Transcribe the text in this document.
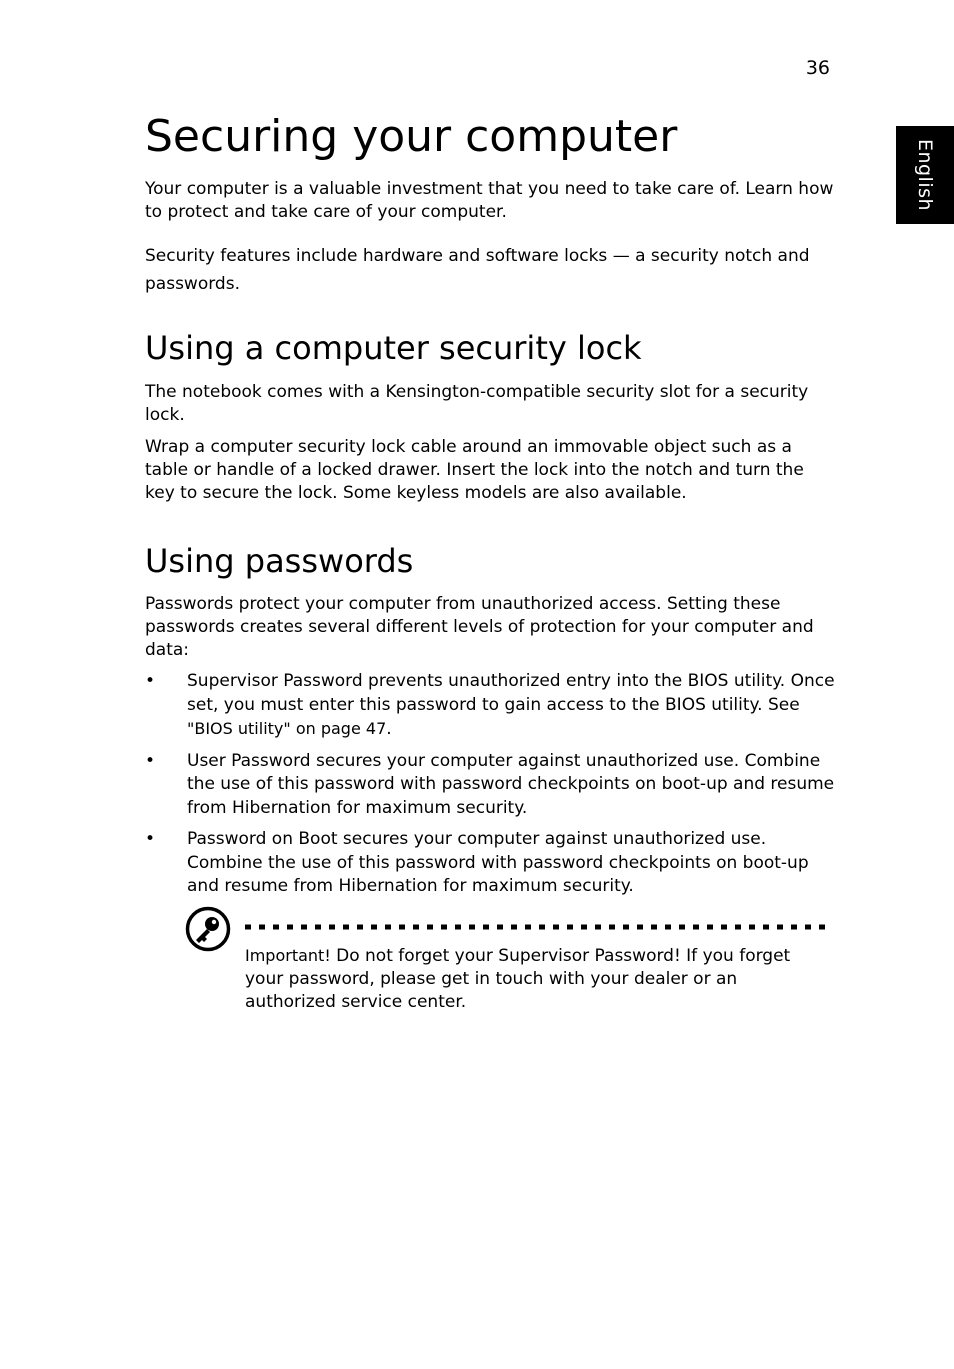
36
English
Securing your computer

Your computer is a valuable investment that you need to take care of. Learn how to protect and take care of your computer.

Security features include hardware and software locks — a security notch and passwords.

Using a computer security lock

The notebook comes with a Kensington-compatible security slot for a security lock.

Wrap a computer security lock cable around an immovable object such as a table or handle of a locked drawer. Insert the lock into the notch and turn the key to secure the lock. Some keyless models are also available.

Using passwords

Passwords protect your computer from unauthorized access. Setting these passwords creates several different levels of protection for your computer and data:

• Supervisor Password prevents unauthorized entry into the BIOS utility. Once set, you must enter this password to gain access to the BIOS utility. See "BIOS utility" on page 47.
• User Password secures your computer against unauthorized use. Combine the use of this password with password checkpoints on boot-up and resume from Hibernation for maximum security.
• Password on Boot secures your computer against unauthorized use. Combine the use of this password with password checkpoints on boot-up and resume from Hibernation for maximum security.

Important! Do not forget your Supervisor Password! If you forget your password, please get in touch with your dealer or an authorized service center.
